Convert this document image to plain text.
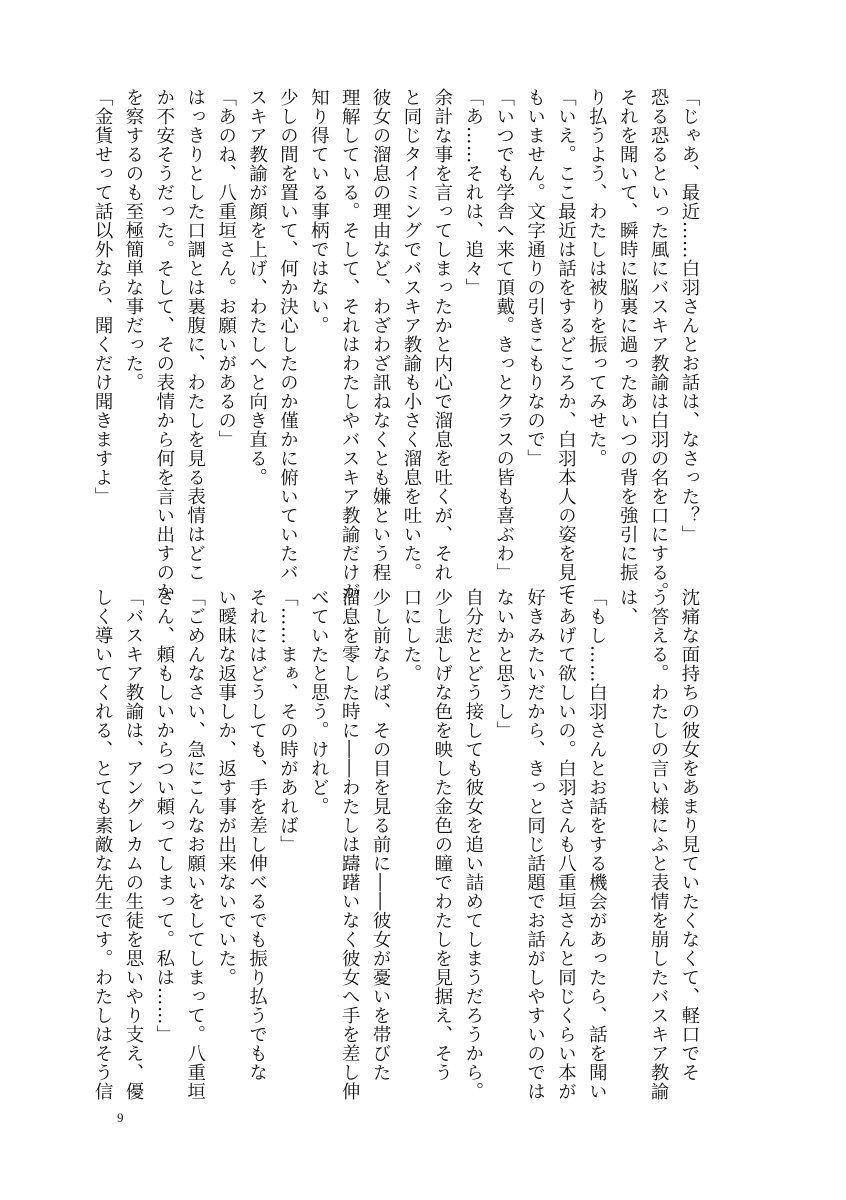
「じゃあ、最近……白羽さんとお話は、なさった？」
恐る恐るといった風にバスキア教諭は白羽の名を口にする。
それを聞いて、瞬時に脳裏に過ったあいつの背を強引に振
り払うよう、わたしは被りを振ってみせた。
「いえ。ここ最近は話をするどころか、白羽本人の姿を見て
もいません。文字通りの引きこもりなので」
「いつでも学舎へ来て頂戴。きっとクラスの皆も喜ぶわ」
「あ……それは、追々」
余計な事を言ってしまったかと内心で溜息を吐くが、それ
と同じタイミングでバスキア教諭も小さく溜息を吐いた。
彼女の溜息の理由など、わざわざ訊ねなくとも嫌という程
理解している。そして、それはわたしやバスキア教諭だけが
知り得ている事柄ではない。
少しの間を置いて、何か決心したのか僅かに俯いていたバ
スキア教諭が顔を上げ、わたしへと向き直る。
「あのね、八重垣さん。お願いがあるの」
はっきりとした口調とは裏腹に、わたしを見る表情はどこ
か不安そうだった。そして、その表情から何を言い出すのか
を察するのも至極簡単な事だった。
「金貨せって話以外なら、聞くだけ聞きますよ」
沈痛な面持ちの彼女をあまり見ていたくなくて、軽口でそ
う答える。わたしの言い様にふと表情を崩したバスキア教諭
は、
「もし……白羽さんとお話をする機会があったら、話を聞い
てあげて欲しいの。白羽さんも八重垣さんと同じくらい本が
好きみたいだから、きっと同じ話題でお話がしやすいのでは
ないかと思うし」
自分だとどう接しても彼女を追い詰めてしまうだろうから。
少し悲しげな色を映した金色の瞳でわたしを見据え、そう
口にした。
少し前ならば、その目を見る前に――彼女が憂いを帯びた
溜息を零した時に――わたしは躊躇いなく彼女へ手を差し伸
べていたと思う。けれど。
「……まぁ、その時があれば」
それにはどうしても、手を差し伸べるでも振り払うでもな
い曖昧な返事しか、返す事が出来ないでいた。
「ごめんなさい、急にこんなお願いをしてしまって。八重垣
さん、頼もしいからつい頼ってしまって。私は……」
「バスキア教諭は、アングレカムの生徒を思いやり支え、優
しく導いてくれる、とても素敵な先生です。わたしはそう信
9
